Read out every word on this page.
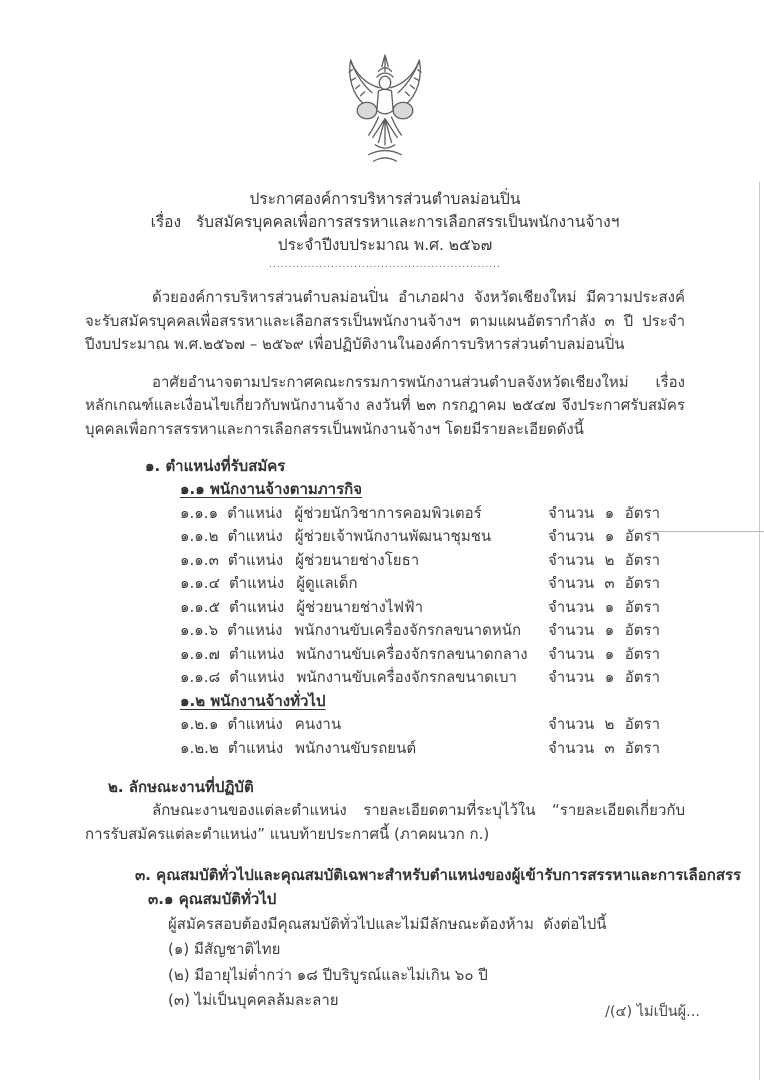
ประกาศองค์การบริหารส่วนตำบลม่อนปิ่น
เรื่อง   รับสมัครบุคคลเพื่อการสรรหาและการเลือกสรรเป็นพนักงานจ้างฯ
ประจำปีงบประมาณ พ.ศ. ๒๕๖๗
............................................................
ด้วยองค์การบริหารส่วนตำบลม่อนปิ่น อำเภอฝาง จังหวัดเชียงใหม่ มีความประสงค์จะรับสมัครบุคคลเพื่อสรรหาและเลือกสรรเป็นพนักงานจ้างฯ ตามแผนอัตรากำลัง ๓ ปี ประจำปีงบประมาณ พ.ศ.๒๕๖๗ – ๒๕๖๙ เพื่อปฏิบัติงานในองค์การบริหารส่วนตำบลม่อนปิ่น
อาศัยอำนาจตามประกาศคณะกรรมการพนักงานส่วนตำบลจังหวัดเชียงใหม่ เรื่อง หลักเกณฑ์และเงื่อนไขเกี่ยวกับพนักงานจ้าง ลงวันที่ ๒๓ กรกฎาคม ๒๕๔๗ จึงประกาศรับสมัครบุคคลเพื่อการสรรหาและการเลือกสรรเป็นพนักงานจ้างฯ โดยมีรายละเอียดดังนี้
๑. ตำแหน่งที่รับสมัคร
๑.๑ พนักงานจ้างตามภารกิจ
๑.๑.๑ ตำแหน่ง ผู้ช่วยนักวิชาการคอมพิวเตอร์	จำนวน ๑ อัตรา
๑.๑.๒ ตำแหน่ง ผู้ช่วยเจ้าพนักงานพัฒนาชุมชน	จำนวน ๑ อัตรา
๑.๑.๓ ตำแหน่ง ผู้ช่วยนายช่างโยธา	จำนวน ๒ อัตรา
๑.๑.๔ ตำแหน่ง ผู้ดูแลเด็ก	จำนวน ๓ อัตรา
๑.๑.๕ ตำแหน่ง ผู้ช่วยนายช่างไฟฟ้า	จำนวน ๑ อัตรา
๑.๑.๖ ตำแหน่ง พนักงานขับเครื่องจักรกลขนาดหนัก	จำนวน ๑ อัตรา
๑.๑.๗ ตำแหน่ง พนักงานขับเครื่องจักรกลขนาดกลาง	จำนวน ๑ อัตรา
๑.๑.๘ ตำแหน่ง พนักงานขับเครื่องจักรกลขนาดเบา	จำนวน ๑ อัตรา
๑.๒ พนักงานจ้างทั่วไป
๑.๒.๑ ตำแหน่ง คนงาน	จำนวน ๒ อัตรา
๑.๒.๒ ตำแหน่ง พนักงานขับรถยนต์	จำนวน ๓ อัตรา
๒. ลักษณะงานที่ปฏิบัติ
ลักษณะงานของแต่ละตำแหน่ง รายละเอียดตามที่ระบุไว้ใน “รายละเอียดเกี่ยวกับการรับสมัครแต่ละตำแหน่ง” แนบท้ายประกาศนี้ (ภาคผนวก ก.)
๓. คุณสมบัติทั่วไปและคุณสมบัติเฉพาะสำหรับตำแหน่งของผู้เข้ารับการสรรหาและการเลือกสรร
๓.๑ คุณสมบัติทั่วไป
ผู้สมัครสอบต้องมีคุณสมบัติทั่วไปและไม่มีลักษณะต้องห้าม  ดังต่อไปนี้
(๑) มีสัญชาติไทย
(๒) มีอายุไม่ต่ำกว่า ๑๘ ปีบริบูรณ์และไม่เกิน ๖๐ ปี
(๓) ไม่เป็นบุคคลล้มละลาย
/(๔) ไม่เป็นผู้...
